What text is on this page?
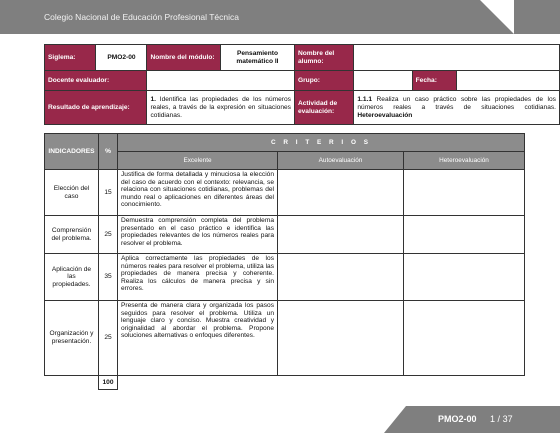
Colegio Nacional de Educación Profesional Técnica
Siglema:	PMO2-00	Nombre del módulo:	Pensamiento matemático II	Nombre del alumno:			
Docente evaluador:				Grupo:		Fecha:	
Resultado de aprendizaje:		1. Identifica las propiedades de los números reales, a través de la expresión en situaciones cotidianas.		Actividad de evaluación:	1.1.1 Realiza un caso práctico sobre las propiedades de los números reales a través de situaciones cotidianas. Heteroevaluación		
INDICADORES	%	C R I T E R I O S		
		Excelente	Autoevaluación	Heteroevaluación
Elección del caso	15	Justifica de forma detallada y minuciosa la elección del caso de acuerdo con el contexto: relevancia, se relaciona con situaciones cotidianas, problemas del mundo real o aplicaciones en diferentes áreas del conocimiento.		
Comprensión del problema.	25	Demuestra comprensión completa del problema presentado en el caso práctico e identifica las propiedades relevantes de los números reales para resolver el problema.		
Aplicación de las propiedades.	35	Aplica correctamente las propiedades de los números reales para resolver el problema, utiliza las propiedades de manera precisa y coherente. Realiza los cálculos de manera precisa y sin errores.		
Organización y presentación.	25	Presenta de manera clara y organizada los pasos seguidos para resolver el problema. Utiliza un lenguaje claro y conciso. Muestra creatividad y originalidad al abordar el problema. Propone soluciones alternativas o enfoques diferentes.		
	100			
PMO2-00 1 / 37
